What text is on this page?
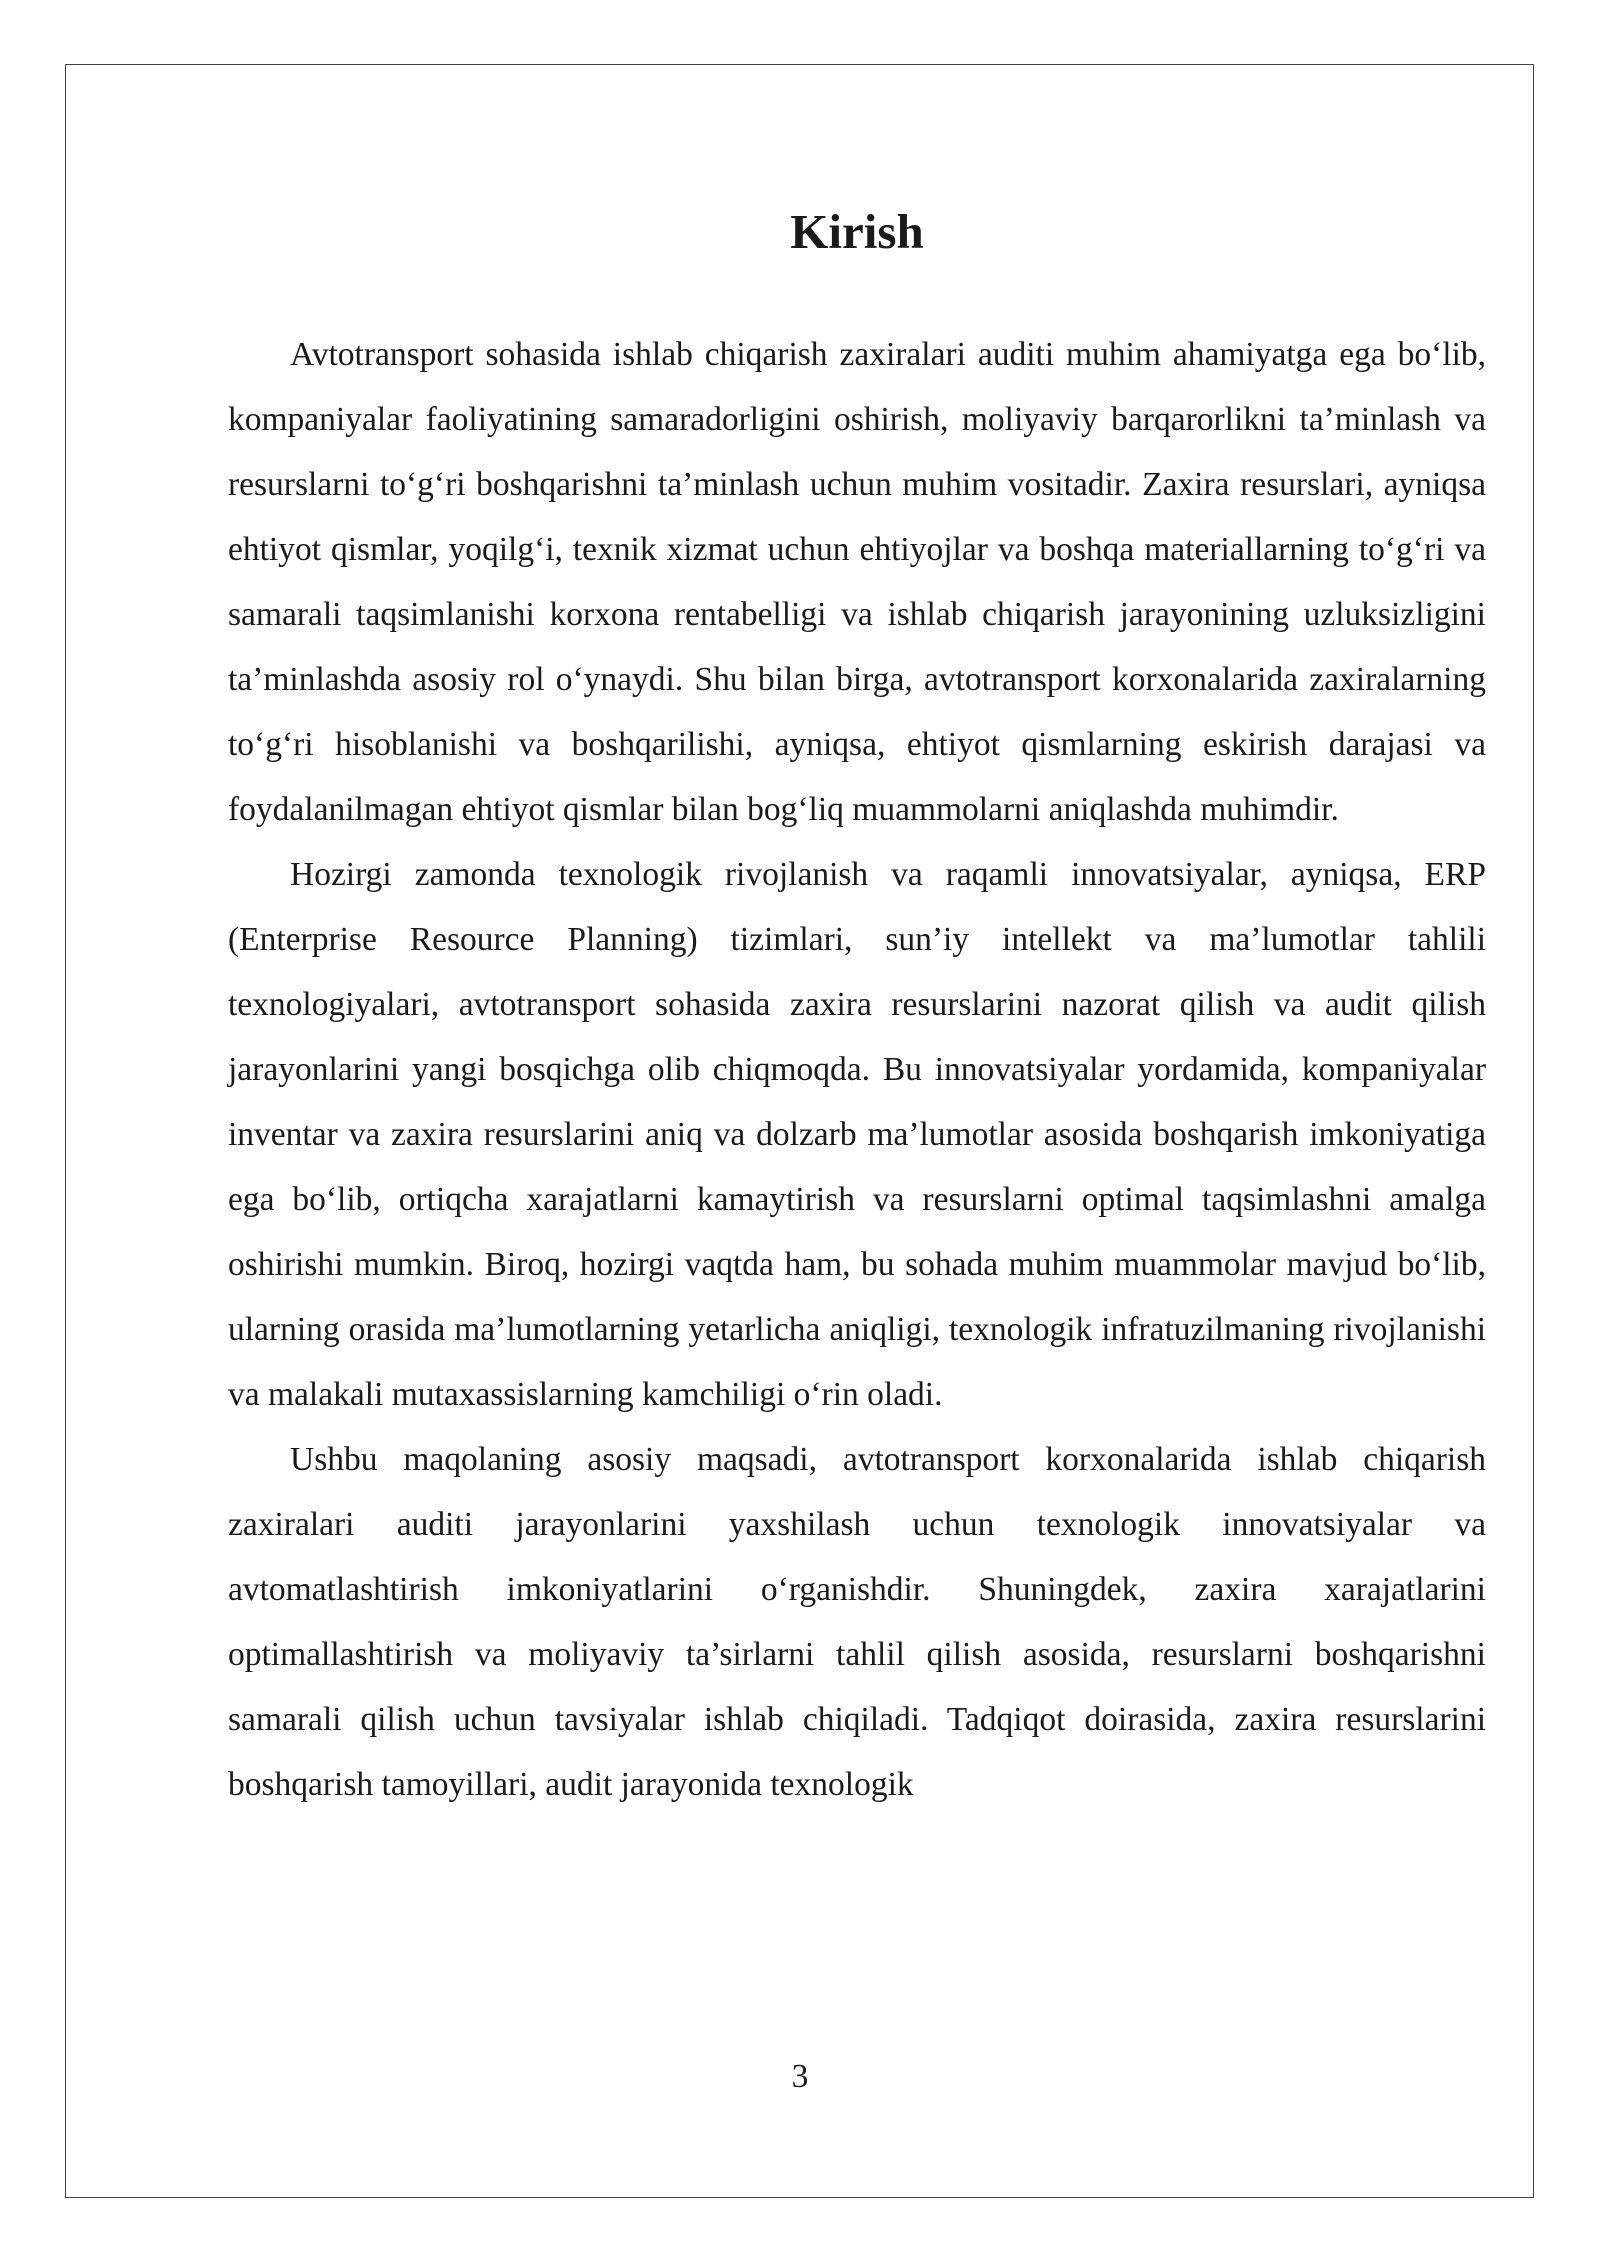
Kirish

Avtotransport sohasida ishlab chiqarish zaxiralari auditi muhim ahamiyatga ega bo‘lib, kompaniyalar faoliyatining samaradorligini oshirish, moliyaviy barqarorlikni ta’minlash va resurslarni to‘g‘ri boshqarishni ta’minlash uchun muhim vositadir. Zaxira resurslari, ayniqsa ehtiyot qismlar, yoqilg‘i, texnik xizmat uchun ehtiyojlar va boshqa materiallarning to‘g‘ri va samarali taqsimlanishi korxona rentabelligi va ishlab chiqarish jarayonining uzluksizligini ta’minlashda asosiy rol o‘ynaydi. Shu bilan birga, avtotransport korxonalarida zaxiralarning to‘g‘ri hisoblanishi va boshqarilishi, ayniqsa, ehtiyot qismlarning eskirish darajasi va foydalanilmagan ehtiyot qismlar bilan bog‘liq muammolarni aniqlashda muhimdir.

Hozirgi zamonda texnologik rivojlanish va raqamli innovatsiyalar, ayniqsa, ERP (Enterprise Resource Planning) tizimlari, sun’iy intellekt va ma’lumotlar tahlili texnologiyalari, avtotransport sohasida zaxira resurslarini nazorat qilish va audit qilish jarayonlarini yangi bosqichga olib chiqmoqda. Bu innovatsiyalar yordamida, kompaniyalar inventar va zaxira resurslarini aniq va dolzarb ma’lumotlar asosida boshqarish imkoniyatiga ega bo‘lib, ortiqcha xarajatlarni kamaytirish va resurslarni optimal taqsimlashni amalga oshirishi mumkin. Biroq, hozirgi vaqtda ham, bu sohada muhim muammolar mavjud bo‘lib, ularning orasida ma’lumotlarning yetarlicha aniqligi, texnologik infratuzilmaning rivojlanishi va malakali mutaxassislarning kamchiligi o‘rin oladi.

Ushbu maqolaning asosiy maqsadi, avtotransport korxonalarida ishlab chiqarish zaxiralari auditi jarayonlarini yaxshilash uchun texnologik innovatsiyalar va avtomatlashtirish imkoniyatlarini o‘rganishdir. Shuningdek, zaxira xarajatlarini optimallashtirish va moliyaviy ta’sirlarni tahlil qilish asosida, resurslarni boshqarishni samarali qilish uchun tavsiyalar ishlab chiqiladi. Tadqiqot doirasida, zaxira resurslarini boshqarish tamoyillari, audit jarayonida texnologik

3
